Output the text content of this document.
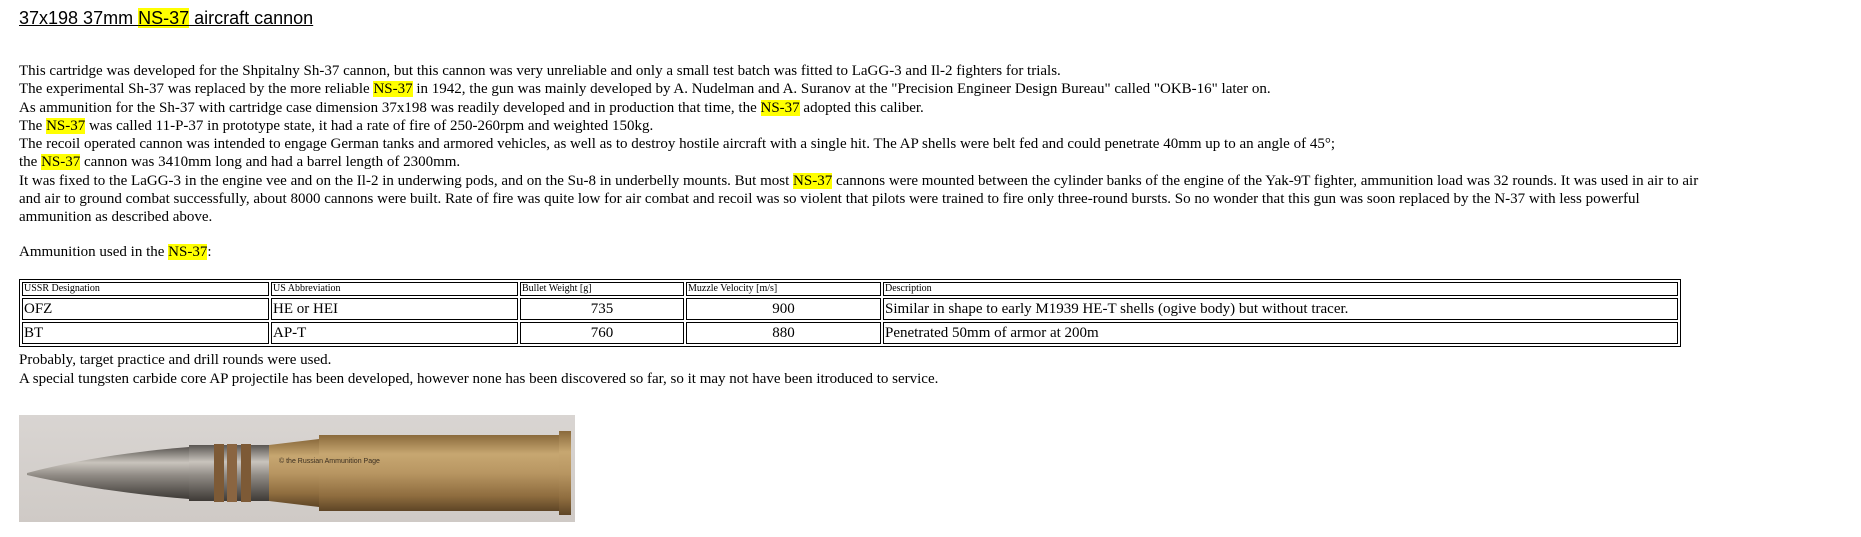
37x198 37mm NS-37 aircraft cannon
This cartridge was developed for the Shpitalny Sh-37 cannon, but this cannon was very unreliable and only a small test batch was fitted to LaGG-3 and Il-2 fighters for trials.
The experimental Sh-37 was replaced by the more reliable NS-37 in 1942, the gun was mainly developed by A. Nudelman and A. Suranov at the "Precision Engineer Design Bureau" called "OKB-16" later on.
As ammunition for the Sh-37 with cartridge case dimension 37x198 was readily developed and in production that time, the NS-37 adopted this caliber.
The NS-37 was called 11-P-37 in prototype state, it had a rate of fire of 250-260rpm and weighted 150kg.
The recoil operated cannon was intended to engage German tanks and armored vehicles, as well as to destroy hostile aircraft with a single hit. The AP shells were belt fed and could penetrate 40mm up to an angle of 45°;
the NS-37 cannon was 3410mm long and had a barrel length of 2300mm.
It was fixed to the LaGG-3 in the engine vee and on the Il-2 in underwing pods, and on the Su-8 in underbelly mounts. But most NS-37 cannons were mounted between the cylinder banks of the engine of the Yak-9T fighter, ammunition load was 32 rounds. It was used in air to air and air to ground combat successfully, about 8000 cannons were built. Rate of fire was quite low for air combat and recoil was so violent that pilots were trained to fire only three-round bursts. So no wonder that this gun was soon replaced by the N-37 with less powerful ammunition as described above.
Ammunition used in the NS-37:
USSR Designation	US Abbreviation	Bullet Weight [g]	Muzzle Velocity [m/s]	Description
OFZ	HE or HEI	735	900	Similar in shape to early M1939 HE-T shells (ogive body) but without tracer.
BT	AP-T	760	880	Penetrated 50mm of armor at 200m
Probably, target practice and drill rounds were used.
A special tungsten carbide core AP projectile has been developed, however none has been discovered so far, so it may not have been itroduced to service.
© the Russian Ammunition Page
